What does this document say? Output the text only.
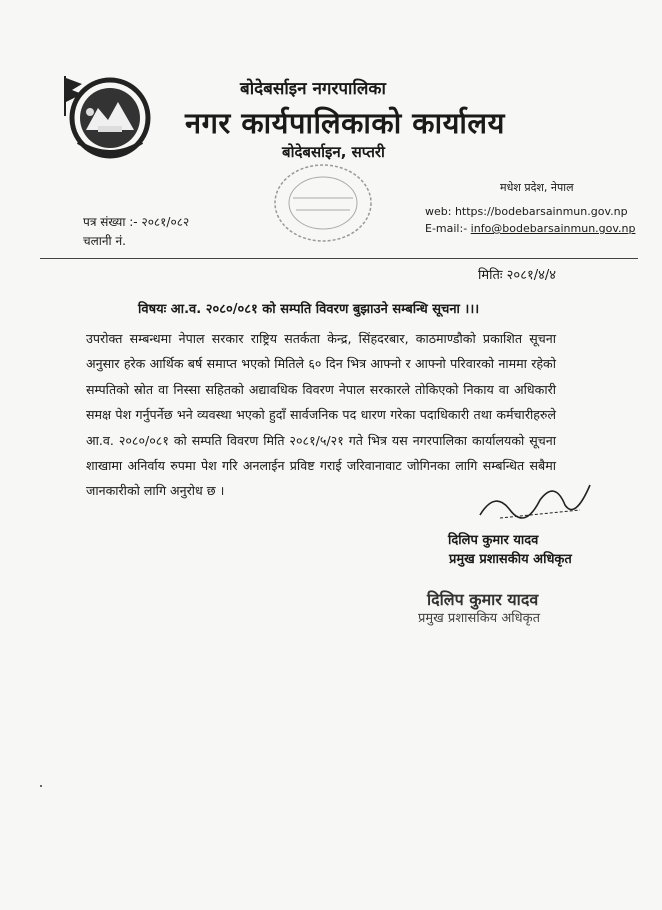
बोदेबर्साइन नगरपालिका
नगर कार्यपालिकाको कार्यालय
बोदेबर्साइन, सप्तरी
मधेश प्रदेश, नेपाल
web: https://bodebarsainmun.gov.np
E-mail:- info@bodebarsainmun.gov.np
पत्र संख्या :- २०८१/०८२
चलानी नं.
मितिः २०८१/४/४
विषयः आ.व. २०८०/०८१ को सम्पति विवरण बुझाउने सम्बन्धि सूचना ।।।
उपरोक्त सम्बन्धमा नेपाल सरकार राष्ट्रिय सतर्कता केन्द्र, सिंहदरबार, काठमाण्डौको प्रकाशित सूचना अनुसार हरेक आर्थिक बर्ष समाप्त भएको मितिले ६० दिन भित्र आफ्नो र आफ्नो परिवारको नाममा रहेको सम्पतिको स्रोत वा निस्सा सहितको अद्यावधिक विवरण नेपाल सरकारले तोकिएको निकाय वा अधिकारी समक्ष पेश गर्नुपर्नेछ भने व्यवस्था भएको हुदाँ सार्वजनिक पद धारण गरेका पदाधिकारी तथा कर्मचारीहरुले आ.व. २०८०/०८१ को सम्पति विवरण मिति २०८१/५/२१ गते भित्र यस नगरपालिका कार्यालयको सूचना शाखामा अनिर्वाय रुपमा पेश गरि अनलाईन प्रविष्ट गराई जरिवानावाट जोगिनका लागि सम्बन्धित सबैमा जानकारीको लागि अनुरोध छ ।
दिलिप कुमार यादव
प्रमुख प्रशासकीय अधिकृत
दिलिप कुमार यादव
प्रमुख प्रशासकिय अधिकृत
